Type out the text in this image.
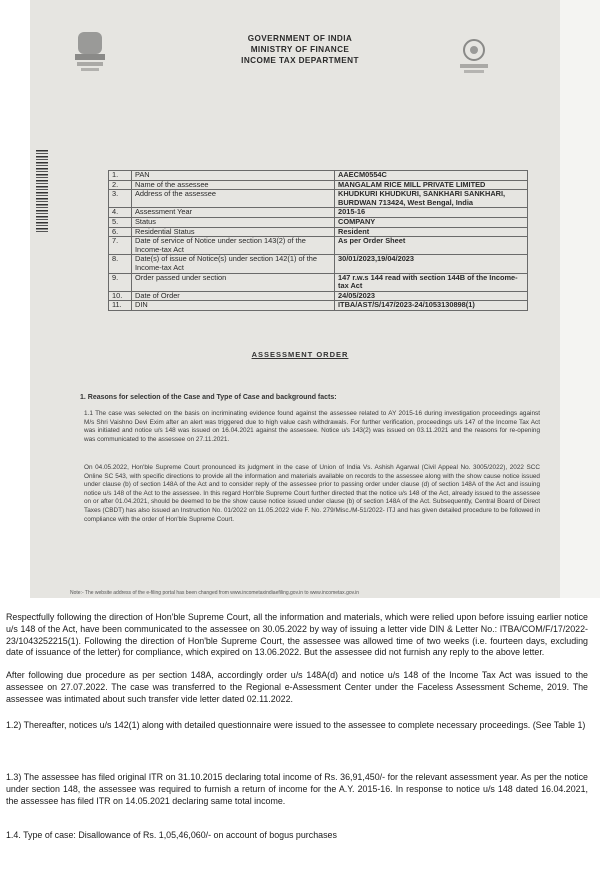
GOVERNMENT OF INDIA
MINISTRY OF FINANCE
INCOME TAX DEPARTMENT
1.	PAN	AAECM0554C
2.	Name of the assessee	MANGALAM RICE MILL PRIVATE LIMITED
3.	Address of the assessee	KHUDKURI KHUDKURI, SANKHARI SANKHARI, BURDWAN 713424, West Bengal, India
4.	Assessment Year	2015-16
5.	Status	COMPANY
6.	Residential Status	Resident
7.	Date of service of Notice under section 143(2) of the Income-tax Act	As per Order Sheet
8.	Date(s) of issue of Notice(s) under section 142(1) of the Income-tax Act	30/01/2023,19/04/2023
9.	Order passed under section	147 r.w.s 144 read with section 144B of the Income-tax Act
10.	Date of Order	24/05/2023
11.	DIN	ITBA/AST/S/147/2023-24/1053130898(1)
ASSESSMENT ORDER
1. Reasons for selection of the Case and Type of Case and background facts:
1.1 The case was selected on the basis on incriminating evidence found against the assessee related to AY 2015-16 during investigation proceedings against M/s Shri Vaishno Devi Exim after an alert was triggered due to high value cash withdrawals. For further verification, proceedings u/s 147 of the Income Tax Act was initiated and notice u/s 148 was issued on 16.04.2021 against the assessee. Notice u/s 143(2) was issued on 03.11.2021 and the reasons for re-opening was communicated to the assessee on 27.11.2021.
On 04.05.2022, Hon'ble Supreme Court pronounced its judgment in the case of Union of India Vs. Ashish Agarwal (Civil Appeal No. 3005/2022), 2022 SCC Online SC 543, with specific directions to provide all the information and materials available on records to the assessee along with the show cause notice issued under clause (b) of section 148A of the Act and to consider reply of the assessee prior to passing order under clause (d) of section 148A of the Act and issuing notice u/s 148 of the Act to the assessee. In this regard Hon'ble Supreme Court further directed that the notice u/s 148 of the Act, already issued to the assessee on or after 01.04.2021, should be deemed to be the show cause notice issued under clause (b) of section 148A of the Act. Subsequently, Central Board of Direct Taxes (CBDT) has also issued an Instruction No. 01/2022 on 11.05.2022 vide F. No. 279/Misc./M-51/2022- ITJ and has given detailed procedure to be followed in compliance with the order of Hon'ble Supreme Court.
Note:- The website address of the e-filing portal has been changed from www.incometaxindiaefiling.gov.in to www.incometax.gov.in
Respectfully following the direction of Hon'ble Supreme Court, all the information and materials, which were relied upon before issuing earlier notice u/s 148 of the Act, have been communicated to the assessee on 30.05.2022 by way of issuing a letter vide DIN & Letter No.: ITBA/COM/F/17/2022-23/1043252215(1). Following the direction of Hon'ble Supreme Court, the assessee was allowed time of two weeks (i.e. fourteen days, excluding date of issuance of the letter) for compliance, which expired on 13.06.2022. But the assessee did not furnish any reply to the above letter.
After following due procedure as per section 148A, accordingly order u/s 148A(d) and notice u/s 148 of the Income Tax Act was issued to the assessee on 27.07.2022. The case was transferred to the Regional e-Assessment Center under the Faceless Assessment Scheme, 2019. The assessee was intimated about such transfer vide letter dated 02.11.2022.
1.2) Thereafter, notices u/s 142(1) along with detailed questionnaire were issued to the assessee to complete necessary proceedings. (See Table 1)
1.3) The assessee has filed original ITR on 31.10.2015 declaring total income of Rs. 36,91,450/- for the relevant assessment year. As per the notice under section 148, the assessee was required to furnish a return of income for the A.Y. 2015-16. In response to notice u/s 148 dated 16.04.2021, the assessee has filed ITR on 14.05.2021 declaring same total income.
1.4. Type of case: Disallowance of Rs. 1,05,46,060/- on account of bogus purchases
